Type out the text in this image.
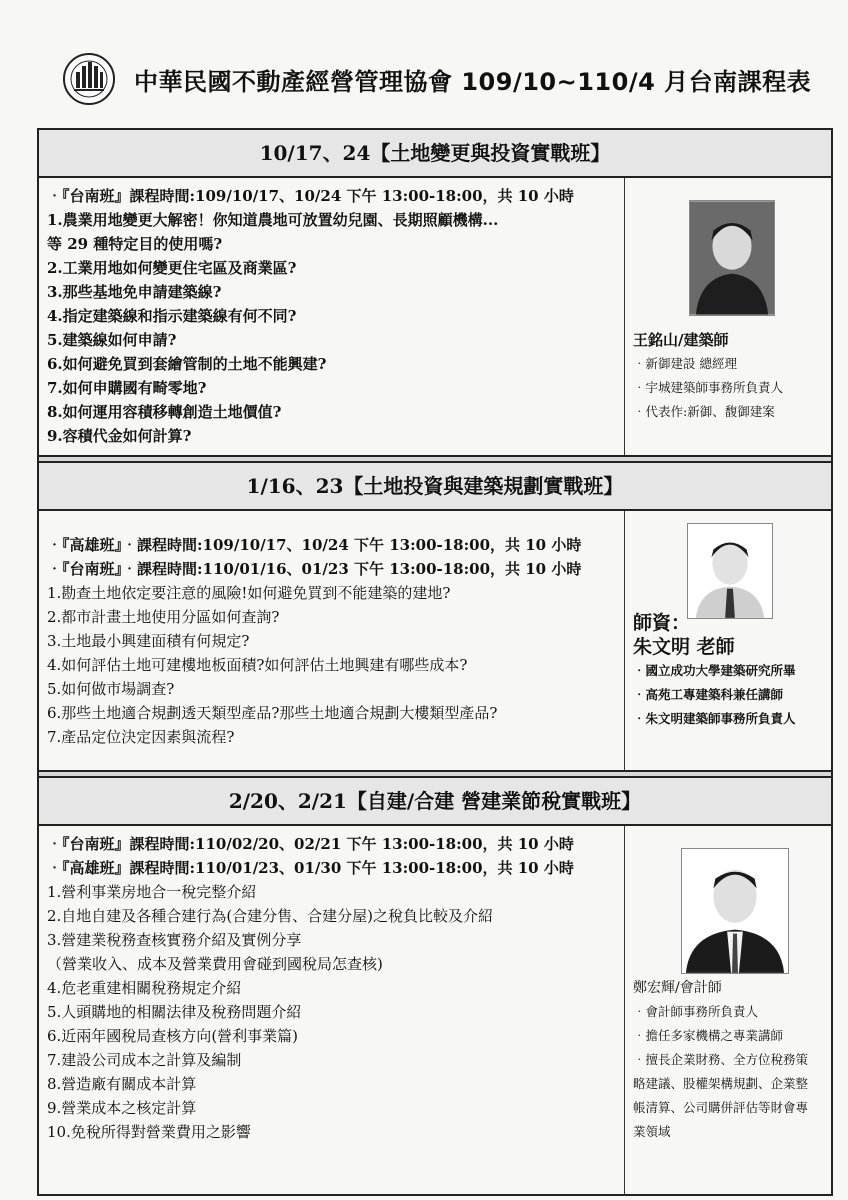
中華民國不動產經營管理協會 109/10~110/4 月台南課程表
10/17、24【土地變更與投資實戰班】
‧『台南班』課程時間:109/10/17、10/24 下午 13:00-18:00，共 10 小時
1.農業用地變更大解密！你知道農地可放置幼兒園、長期照顧機構...
等 29 種特定目的使用嗎?
2.工業用地如何變更住宅區及商業區?
3.那些基地免申請建築線?
4.指定建築線和指示建築線有何不同?
5.建築線如何申請?
6.如何避免買到套繪管制的土地不能興建?
7.如何申購國有畸零地?
8.如何運用容積移轉創造土地價值?
9.容積代金如何計算?
王銘山/建築師
‧新御建設 總經理
‧宇城建築師事務所負責人
‧代表作:新御、馥御建案
1/16、23【土地投資與建築規劃實戰班】
‧『高雄班』‧課程時間:109/10/17、10/24 下午 13:00-18:00，共 10 小時
‧『台南班』‧課程時間:110/01/16、01/23 下午 13:00-18:00，共 10 小時
1.勘查土地依定要注意的風險!如何避免買到不能建築的建地?
2.都市計畫土地使用分區如何查詢?
3.土地最小興建面積有何規定?
4.如何評估土地可建樓地板面積?如何評估土地興建有哪些成本?
5.如何做市場調查?
6.那些土地適合規劃透天類型產品?那些土地適合規劃大樓類型產品?
7.產品定位決定因素與流程?
師資：
朱文明 老師
‧國立成功大學建築研究所畢
‧高苑工專建築科兼任講師
‧朱文明建築師事務所負責人
2/20、2/21【自建/合建 營建業節稅實戰班】
‧『台南班』課程時間:110/02/20、02/21 下午 13:00-18:00，共 10 小時
‧『高雄班』課程時間:110/01/23、01/30 下午 13:00-18:00，共 10 小時
1.營利事業房地合一稅完整介紹
2.自地自建及各種合建行為(合建分售、合建分屋)之稅負比較及介紹
3.營建業稅務查核實務介紹及實例分享
（營業收入、成本及營業費用會碰到國稅局怎查核)
4.危老重建相關稅務規定介紹
5.人頭購地的相關法律及稅務問題介紹
6.近兩年國稅局查核方向(營利事業篇)
7.建設公司成本之計算及編制
8.營造廠有關成本計算
9.營業成本之核定計算
10.免稅所得對營業費用之影響
鄭宏輝/會計師
‧會計師事務所負責人
‧擔任多家機構之專業講師
‧擅長企業財務、全方位稅務策
略建議、股權架構規劃、企業整
帳清算、公司購併評估等財會專
業領域
